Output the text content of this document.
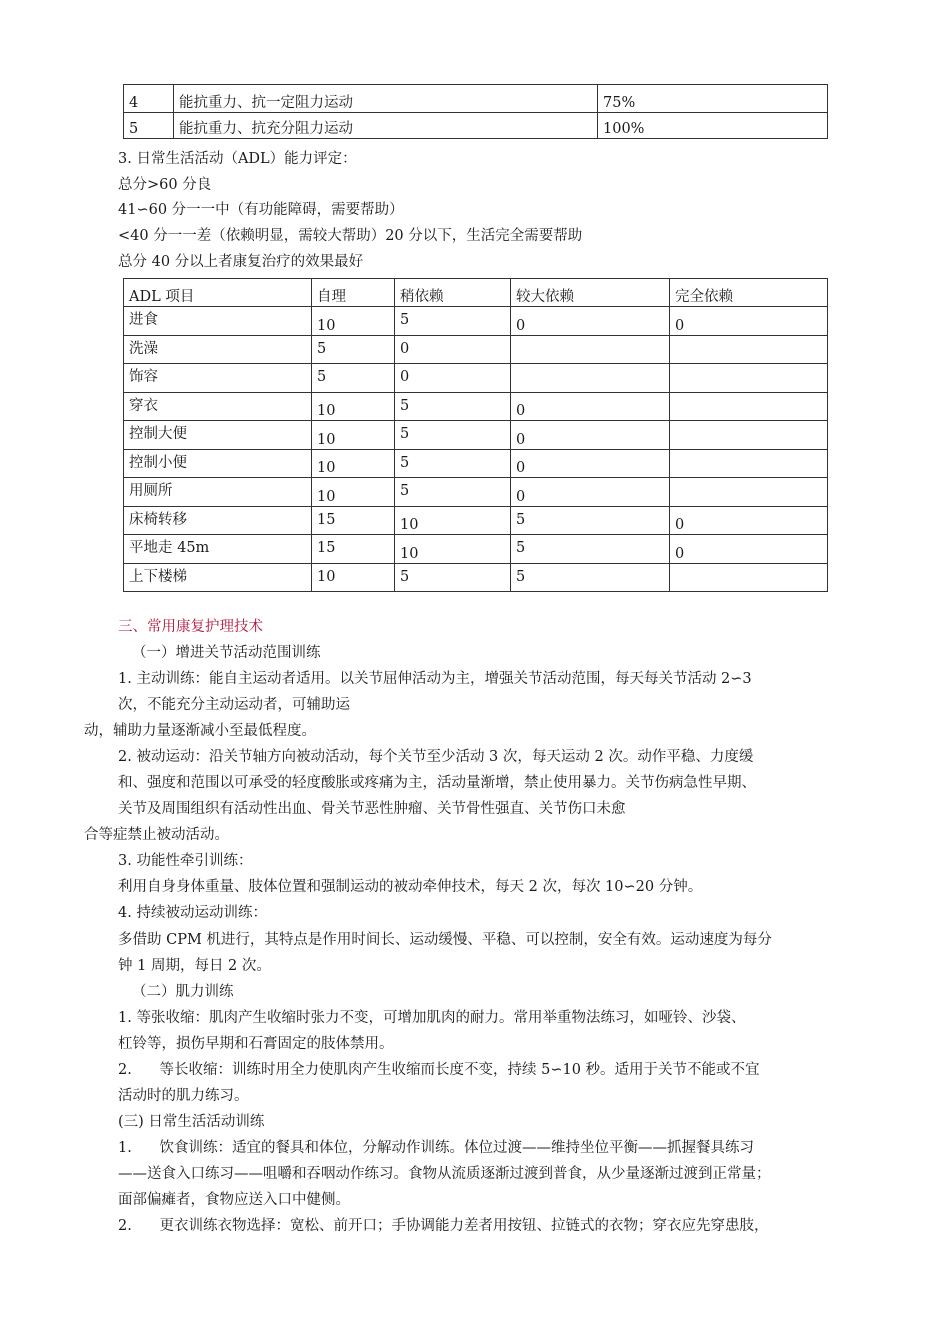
4	能抗重力、抗一定阻力运动	75%
5	能抗重力、抗充分阻力运动	100%
3. 日常生活活动（ADL）能力评定：
总分>60 分良
41∽60 分一一中（有功能障碍，需要帮助）
<40 分一一差（依赖明显，需较大帮助）20 分以下，生活完全需要帮助
总分 40 分以上者康复治疗的效果最好
ADL 项目	自理	稍依赖	较大依赖	完全依赖
进食	10	5	0	0
洗澡	5	0		
饰容	5	0		
穿衣	10	5	0	
控制大便	10	5	0	
控制小便	10	5	0	
用厕所	10	5	0	
床椅转移	15	10	5	0
平地走 45m	15	10	5	0
上下楼梯	10	5	5	
三、常用康复护理技术
（一）增进关节活动范围训练
1. 主动训练：能自主运动者适用。以关节屈伸活动为主，增强关节活动范围，每天每关节活动 2∽3
次，不能充分主动运动者，可辅助运
动，辅助力量逐渐减小至最低程度。
2. 被动运动：沿关节轴方向被动活动，每个关节至少活动 3 次，每天运动 2 次。动作平稳、力度缓
和、强度和范围以可承受的轻度酸胀或疼痛为主，活动量渐增，禁止使用暴力。关节伤病急性早期、
关节及周围组织有活动性出血、骨关节恶性肿瘤、关节骨性强直、关节伤口未愈
合等症禁止被动活动。
3. 功能性牵引训练：
利用自身身体重量、肢体位置和强制运动的被动牵伸技术，每天 2 次，每次 10∽20 分钟。
4. 持续被动运动训练：
多借助 CPM 机进行，其特点是作用时间长、运动缓慢、平稳、可以控制，安全有效。运动速度为每分
钟 1 周期，每日 2 次。
（二）肌力训练
1. 等张收缩：肌肉产生收缩时张力不变，可增加肌肉的耐力。常用举重物法练习，如哑铃、沙袋、
杠铃等，损伤早期和石膏固定的肢体禁用。
2.      等长收缩：训练时用全力使肌肉产生收缩而长度不变，持续 5∽10 秒。适用于关节不能或不宜
活动时的肌力练习。
(三) 日常生活活动训练
1.      饮食训练：适宜的餐具和体位，分解动作训练。体位过渡——维持坐位平衡——抓握餐具练习
——送食入口练习——咀嚼和吞咽动作练习。食物从流质逐渐过渡到普食，从少量逐渐过渡到正常量；
面部偏瘫者，食物应送入口中健侧。
2.      更衣训练衣物选择：宽松、前开口；手协调能力差者用按钮、拉链式的衣物；穿衣应先穿患肢，
